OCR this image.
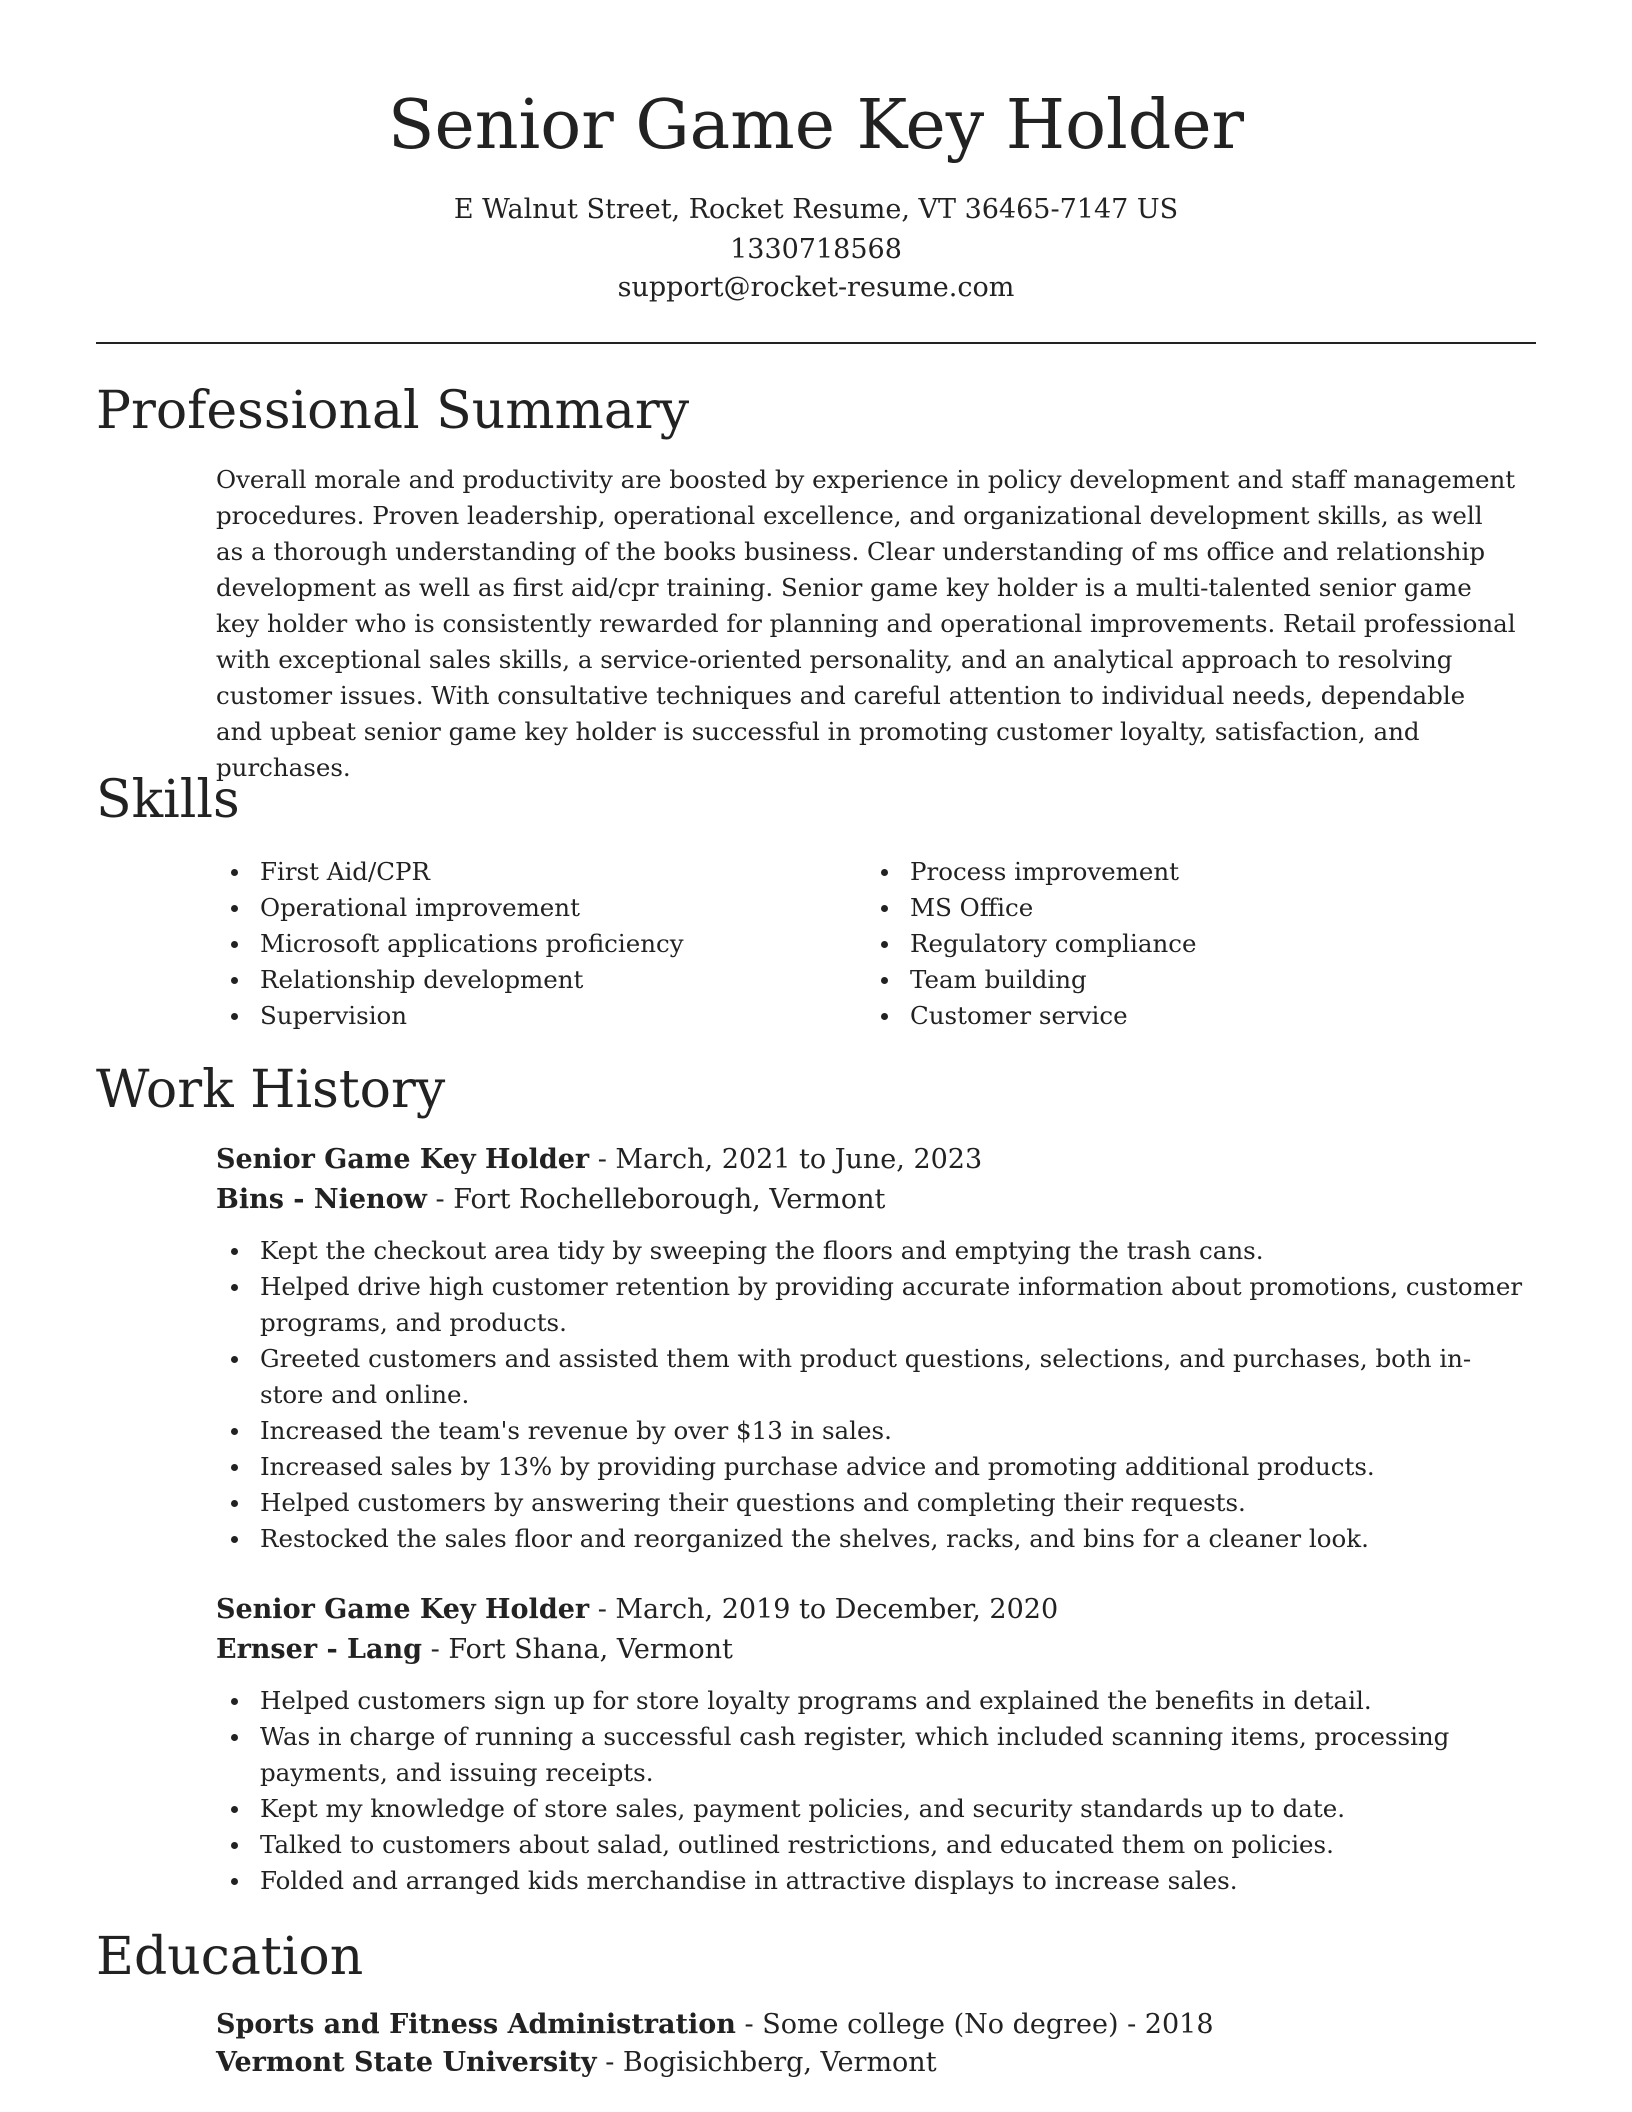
Senior Game Key Holder
E Walnut Street, Rocket Resume, VT 36465-7147 US
1330718568
support@rocket-resume.com
Professional Summary

Overall morale and productivity are boosted by experience in policy development and staff management procedures. Proven leadership, operational excellence, and organizational development skills, as well as a thorough understanding of the books business. Clear understanding of ms office and relationship development as well as first aid/cpr training. Senior game key holder is a multi-talented senior game key holder who is consistently rewarded for planning and operational improvements. Retail professional with exceptional sales skills, a service-oriented personality, and an analytical approach to resolving customer issues. With consultative techniques and careful attention to individual needs, dependable and upbeat senior game key holder is successful in promoting customer loyalty, satisfaction, and purchases.

Skills
First Aid/CPR
Operational improvement
Microsoft applications proficiency
Relationship development
Supervision
Process improvement
MS Office
Regulatory compliance
Team building
Customer service
Work History
Senior Game Key Holder - March, 2021 to June, 2023
Bins - Nienow - Fort Rochelleborough, Vermont
Kept the checkout area tidy by sweeping the floors and emptying the trash cans.
Helped drive high customer retention by providing accurate information about promotions, customer programs, and products.
Greeted customers and assisted them with product questions, selections, and purchases, both in-store and online.
Increased the team's revenue by over $13 in sales.
Increased sales by 13% by providing purchase advice and promoting additional products.
Helped customers by answering their questions and completing their requests.
Restocked the sales floor and reorganized the shelves, racks, and bins for a cleaner look.
Senior Game Key Holder - March, 2019 to December, 2020
Ernser - Lang - Fort Shana, Vermont
Helped customers sign up for store loyalty programs and explained the benefits in detail.
Was in charge of running a successful cash register, which included scanning items, processing payments, and issuing receipts.
Kept my knowledge of store sales, payment policies, and security standards up to date.
Talked to customers about salad, outlined restrictions, and educated them on policies.
Folded and arranged kids merchandise in attractive displays to increase sales.
Education
Sports and Fitness Administration - Some college (No degree) - 2018
Vermont State University - Bogisichberg, Vermont
